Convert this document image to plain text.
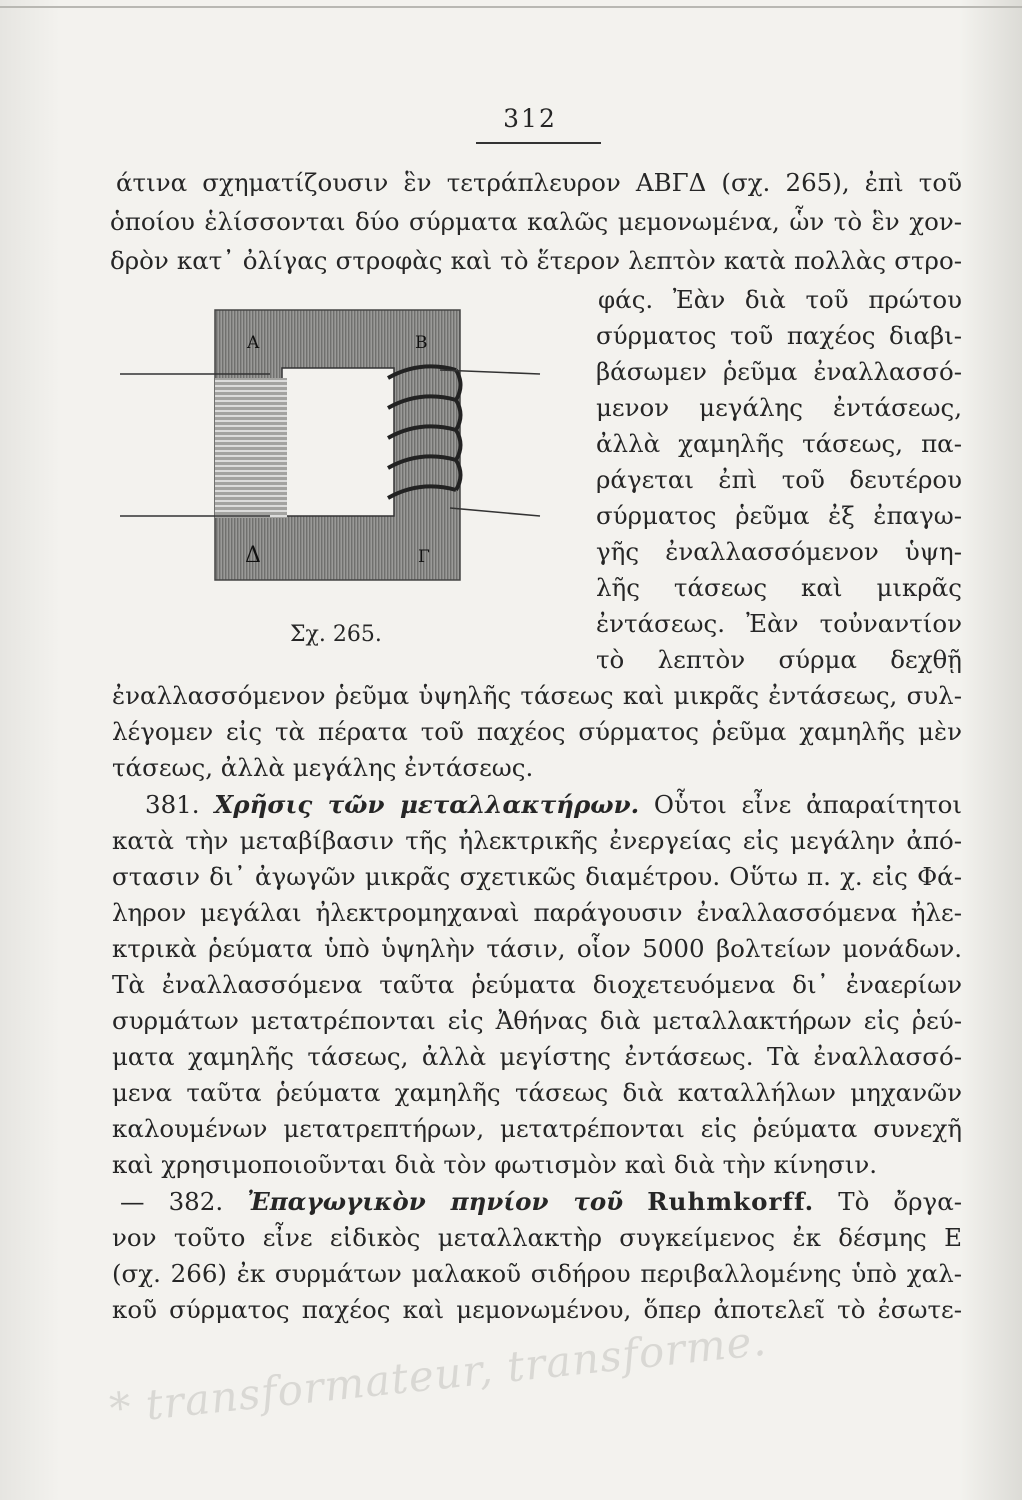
312
άτινα σχηματίζουσιν ἓν τετράπλευρον ΑΒΓΔ (σχ. 265), ἐπὶ τοῦ
ὁποίου ἑλίσσονται δύο σύρματα καλῶς μεμονωμένα, ὧν τὸ ἓν χον-
δρὸν κατ᾽ ὀλίγας στροφὰς καὶ τὸ ἕτερον λεπτὸν κατὰ πολλὰς στρο-
φάς. Ἐὰν διὰ τοῦ πρώτου
σύρματος τοῦ παχέος διαβι-
βάσωμεν ῥεῦμα ἐναλλασσό-
μενον μεγάλης ἐντάσεως,
ἀλλὰ χαμηλῆς τάσεως, πα-
ράγεται ἐπὶ τοῦ δευτέρου
σύρματος ῥεῦμα ἐξ ἐπαγω-
γῆς ἐναλλασσόμενον ὑψη-
λῆς τάσεως καὶ μικρᾶς
ἐντάσεως. Ἐὰν τοὐναντίον
τὸ λεπτὸν σύρμα δεχθῇ
Α	Β
Δ	Γ
Σχ. 265.
ἐναλλασσόμενον ῥεῦμα ὑψηλῆς τάσεως καὶ μικρᾶς ἐντάσεως, συλ-
λέγομεν εἰς τὰ πέρατα τοῦ παχέος σύρματος ῥεῦμα χαμηλῆς μὲν
τάσεως, ἀλλὰ μεγάλης ἐντάσεως.
381. Χρῆσις τῶν μεταλλακτήρων. Οὗτοι εἶνε ἀπαραίτητοι
κατὰ τὴν μεταβίβασιν τῆς ἠλεκτρικῆς ἐνεργείας εἰς μεγάλην ἀπό-
στασιν δι᾽ ἀγωγῶν μικρᾶς σχετικῶς διαμέτρου. Οὕτω π. χ. εἰς Φά-
ληρον μεγάλαι ἠλεκτρομηχαναὶ παράγουσιν ἐναλλασσόμενα ἠλε-
κτρικὰ ῥεύματα ὑπὸ ὑψηλὴν τάσιν, οἷον 5000 βολτείων μονάδων.
Τὰ ἐναλλασσόμενα ταῦτα ῥεύματα διοχετευόμενα δι᾽ ἐναερίων
συρμάτων μετατρέπονται εἰς Ἀθήνας διὰ μεταλλακτήρων εἰς ῥεύ-
ματα χαμηλῆς τάσεως, ἀλλὰ μεγίστης ἐντάσεως. Τὰ ἐναλλασσό-
μενα ταῦτα ῥεύματα χαμηλῆς τάσεως διὰ καταλλήλων μηχανῶν
καλουμένων μετατρεπτήρων, μετατρέπονται εἰς ῥεύματα συνεχῆ
καὶ χρησιμοποιοῦνται διὰ τὸν φωτισμὸν καὶ διὰ τὴν κίνησιν.
— 382. Ἐπαγωγικὸν πηνίον τοῦ Ruhmkorff. Τὸ ὄργα-
νον τοῦτο εἶνε εἰδικὸς μεταλλακτὴρ συγκείμενος ἐκ δέσμης Ε
(σχ. 266) ἐκ συρμάτων μαλακοῦ σιδήρου περιβαλλομένης ὑπὸ χαλ-
κοῦ σύρματος παχέος καὶ μεμονωμένου, ὅπερ ἀποτελεῖ τὸ ἐσωτε-
* transformateur, transforme.
